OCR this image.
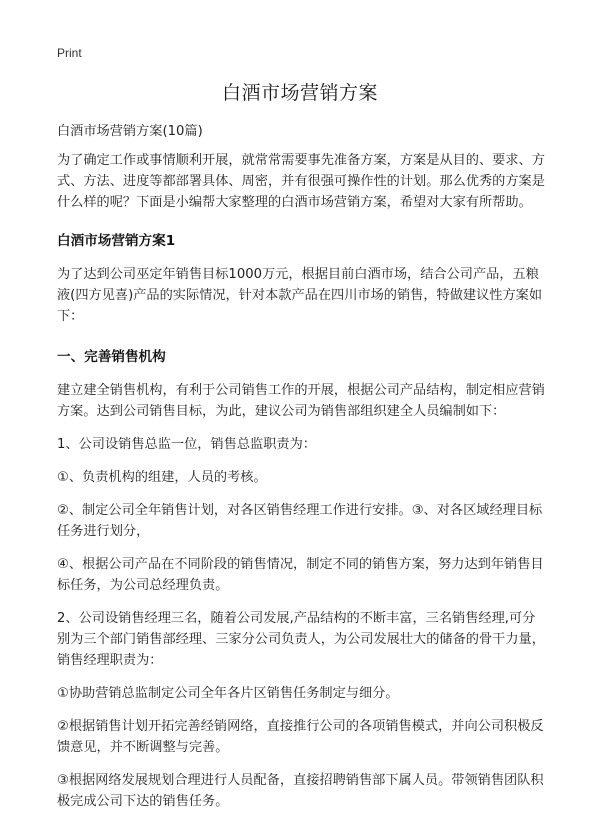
Print
白酒市场营销方案

白酒市场营销方案(10篇)

为了确定工作或事情顺利开展，就常常需要事先准备方案，方案是从目的、要求、方式、方法、进度等都部署具体、周密，并有很强可操作性的计划。那么优秀的方案是什么样的呢？下面是小编帮大家整理的白酒市场营销方案，希望对大家有所帮助。

白酒市场营销方案1

为了达到公司巫定年销售目标1000万元，根据目前白酒市场，结合公司产品，五粮液(四方见喜)产品的实际情况，针对本款产品在四川市场的销售，特做建议性方案如下：

一、完善销售机构

建立建全销售机构，有利于公司销售工作的开展，根据公司产品结构，制定相应营销方案。达到公司销售目标，为此，建议公司为销售部组织建全人员编制如下：

1、公司设销售总监一位，销售总监职责为：

①、负责机构的组建，人员的考核。

②、制定公司全年销售计划，对各区销售经理工作进行安排。③、对各区域经理目标任务进行划分，

④、根据公司产品在不同阶段的销售情况，制定不同的销售方案，努力达到年销售目标任务，为公司总经理负责。

2、公司设销售经理三名，随着公司发展,产品结构的不断丰富，三名销售经理,可分别为三个部门销售部经理、三家分公司负责人，为公司发展壮大的储备的骨干力量，销售经理职责为：

①协助营销总监制定公司全年各片区销售任务制定与细分。

②根据销售计划开拓完善经销网络，直接推行公司的各项销售模式，并向公司积极反馈意见，并不断调整与完善。

③根据网络发展规划合理进行人员配备，直接招聘销售部下属人员。带领销售团队积极完成公司下达的销售任务。
